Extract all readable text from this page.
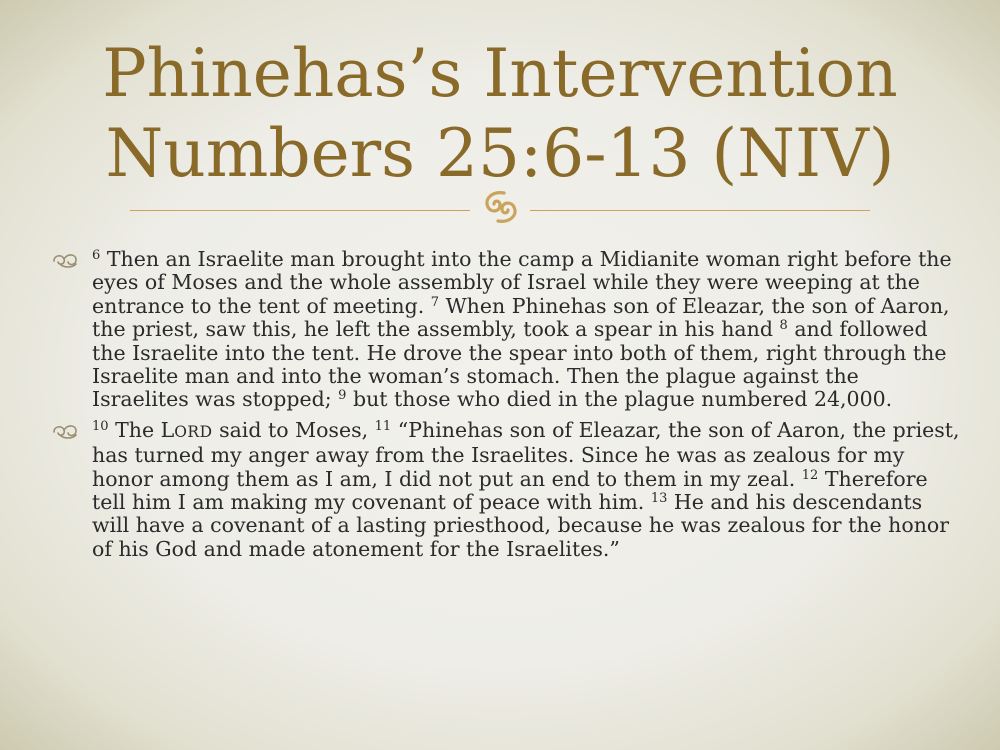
Phinehas’s Intervention
Numbers 25:6-13 (NIV)
$^6$ Then an Israelite man brought into the camp a Midianite woman right before the eyes of Moses and the whole assembly of Israel while they were weeping at the entrance to the tent of meeting. $^7$ When Phinehas son of Eleazar, the son of Aaron, the priest, saw this, he left the assembly, took a spear in his hand $^8$ and followed the Israelite into the tent. He drove the spear into both of them, right through the Israelite man and into the woman’s stomach. Then the plague against the Israelites was stopped; $^9$ but those who died in the plague numbered 24,000.
$^{10}$ The LORD said to Moses, $^{11}$ “Phinehas son of Eleazar, the son of Aaron, the priest, has turned my anger away from the Israelites. Since he was as zealous for my honor among them as I am, I did not put an end to them in my zeal. $^{12}$ Therefore tell him I am making my covenant of peace with him. $^{13}$ He and his descendants will have a covenant of a lasting priesthood, because he was zealous for the honor of his God and made atonement for the Israelites.”
